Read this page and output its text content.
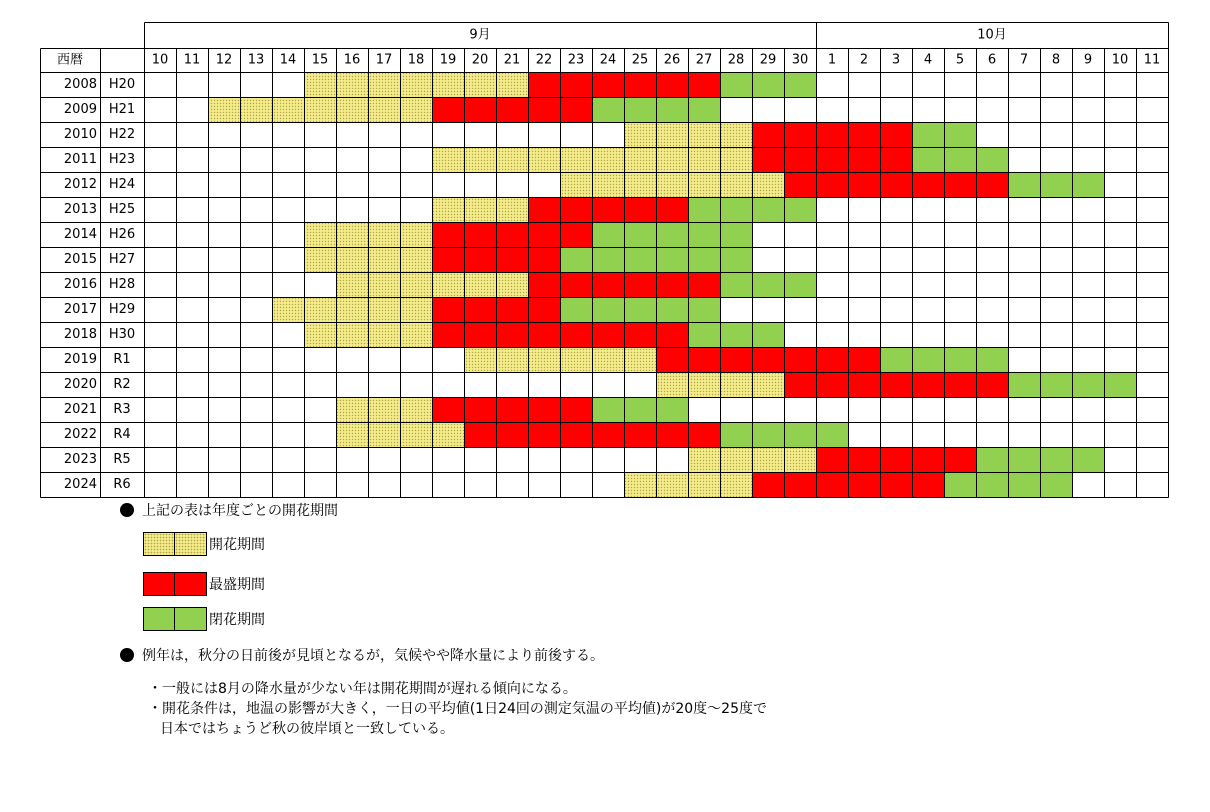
9月	10月
西暦	10 11 12 13 14 15 16 17 18 19 20 21 22 23 24 25 26 27 28 29 30 1 2 3 4 5 6 7 8 9 10 11
2008 H20
2009 H21
2010 H22
2011 H23
2012 H24
2013 H25
2014 H26
2015 H27
2016 H28
2017 H29
2018 H30
2019 R1
2020 R2
2021 R3
2022 R4
2023 R5
2024 R6
上記の表は年度ごとの開花期間
開花期間
最盛期間
閉花期間
例年は，秋分の日前後が見頃となるが，気候やや降水量により前後する。
・一般には8月の降水量が少ない年は開花期間が遅れる傾向になる。
・開花条件は，地温の影響が大きく，一日の平均値(1日24回の測定気温の平均値)が20度～25度で
日本ではちょうど秋の彼岸頃と一致している。
